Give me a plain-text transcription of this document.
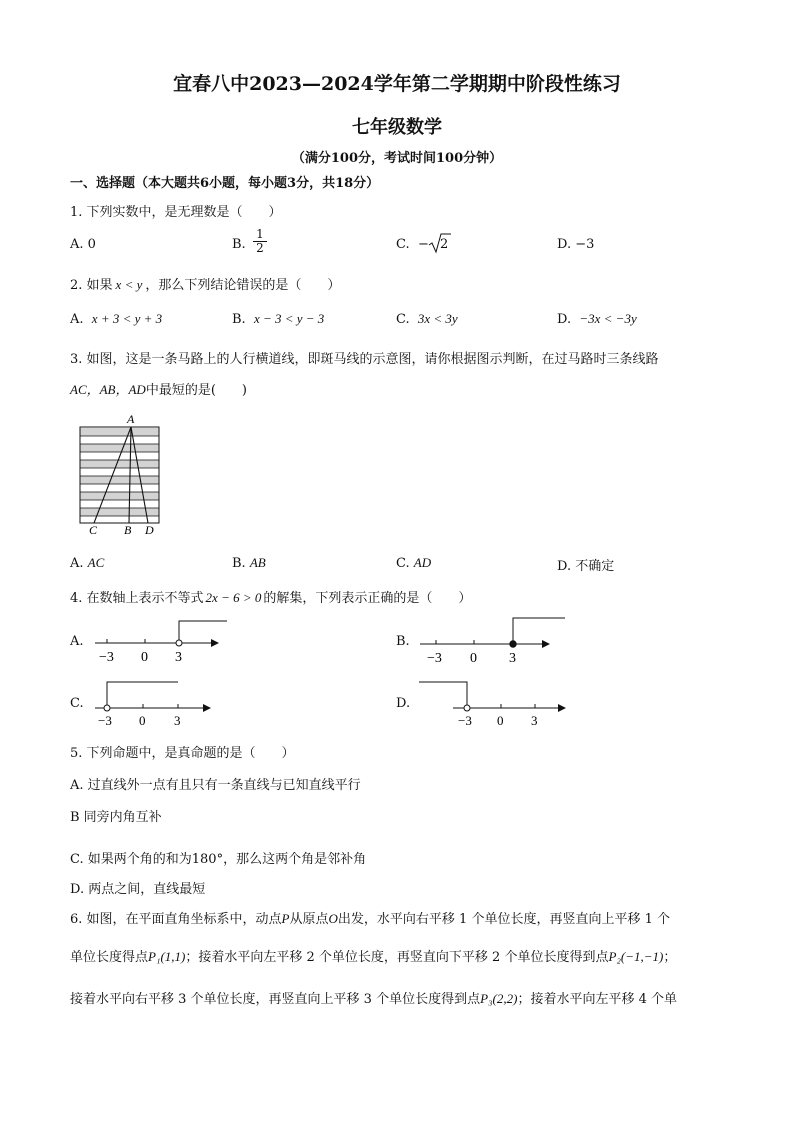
宜春八中2023—2024学年第二学期期中阶段性练习
七年级数学
（满分100分，考试时间100分钟）
一、选择题（本大题共6小题，每小题3分，共18分）
1. 下列实数中，是无理数是（　　）
A. 0	B.
1
2	C. − 2	D. −3
2. 如果 x < y ，那么下列结论错误的是（　　）
A. x + 3 < y + 3	B. x − 3 < y − 3	C. 3x < 3y	D. −3x < −3y
3. 如图，这是一条马路上的人行横道线，即斑马线的示意图，请你根据图示判断，在过马路时三条线路
AC，AB，AD中最短的是(　　)
A
C B D
A. AC	B. AB	C. AD	D. 不确定
4. 在数轴上表示不等式 2x − 6 > 0 的解集，下列表示正确的是（　　）
A.
−3 0 3
B.
−3 0 3
C.
−3 0 3
D.
−3 0 3
5. 下列命题中，是真命题的是（　　）
A. 过直线外一点有且只有一条直线与已知直线平行
B 同旁内角互补
C. 如果两个角的和为180°，那么这两个角是邻补角
D. 两点之间，直线最短
6. 如图，在平面直角坐标系中，动点P从原点O出发，水平向右平移 1 个单位长度，再竖直向上平移 1 个
单位长度得点P₁(1,1)；接着水平向左平移 2 个单位长度，再竖直向下平移 2 个单位长度得到点P₂(−1,−1)；
接着水平向右平移 3 个单位长度，再竖直向上平移 3 个单位长度得到点P₃(2,2)；接着水平向左平移 4 个单
